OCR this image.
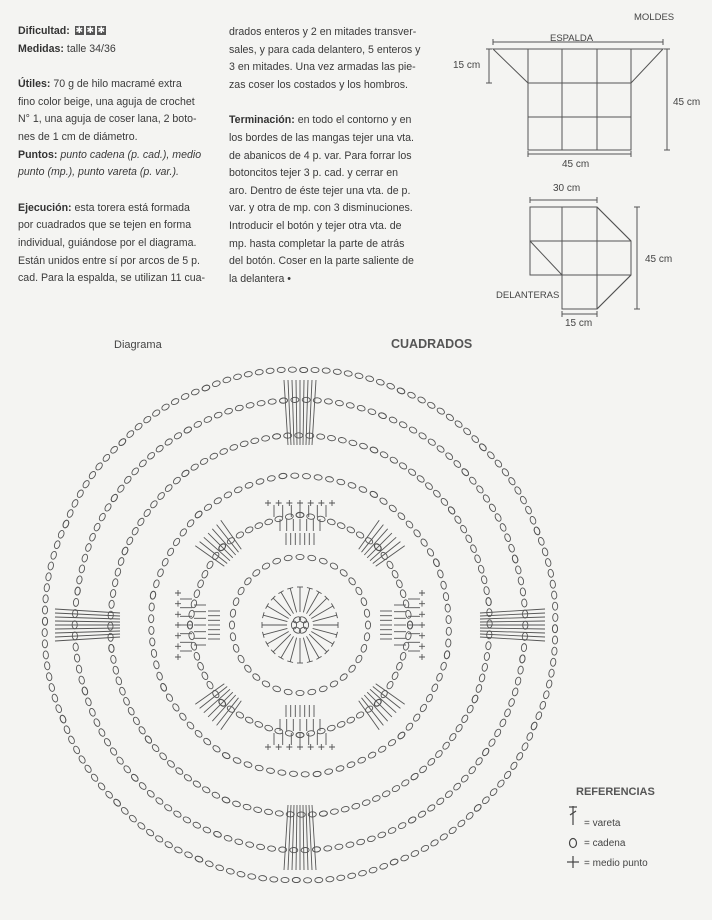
Dificultad: ✱✱✱

Medidas: talle 34/36

Útiles: 70 g de hilo macramé extra
fino color beige, una aguja de crochet
N° 1, una aguja de coser lana, 2 boto-
nes de 1 cm de diámetro.

Puntos: punto cadena (p. cad.), medio
punto (mp.), punto vareta (p. var.).

Ejecución: esta torera está formada
por cuadrados que se tejen en forma
individual, guiándose por el diagrama.
Están unidos entre sí por arcos de 5 p.
cad. Para la espalda, se utilizan 11 cua-

drados enteros y 2 en mitades transver-
sales, y para cada delantero, 5 enteros y
3 en mitades. Una vez armadas las pie-
zas coser los costados y los hombros.

Terminación: en todo el contorno y en
los bordes de las mangas tejer una vta.
de abanicos de 4 p. var. Para forrar los
botoncitos tejer 3 p. cad. y cerrar en
aro. Dentro de éste tejer una vta. de p.
var. y otra de mp. con 3 disminuciones.
Introducir el botón y tejer otra vta. de
mp. hasta completar la parte de atrás
del botón. Coser en la parte saliente de
la delantera •

MOLDES
ESPALDA
15 cm
45 cm
45 cm
30 cm
45 cm
DELANTERAS
15 cm
Diagrama	CUADRADOS
REFERENCIAS
= vareta
= cadena
= medio punto
